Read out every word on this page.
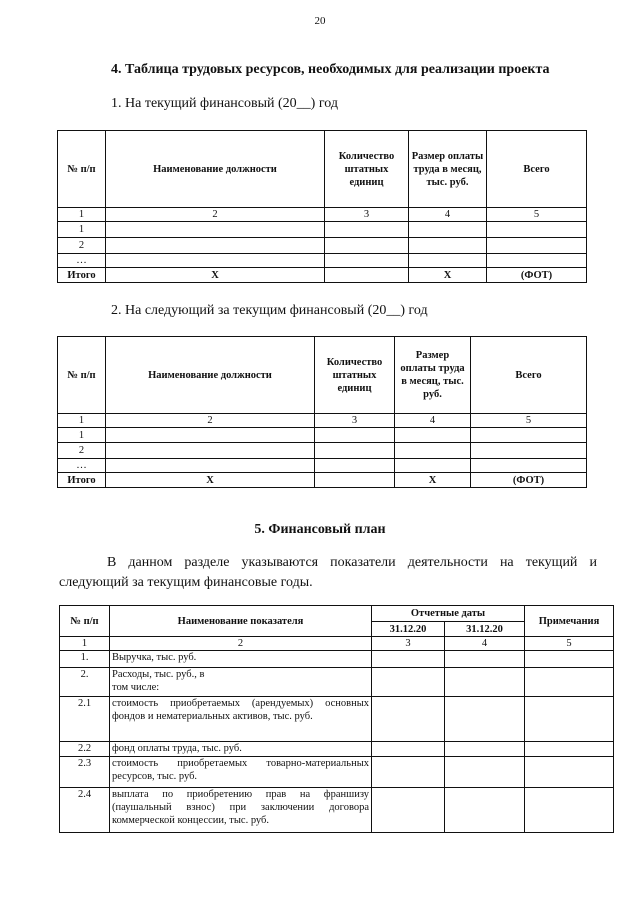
20
4. Таблица трудовых ресурсов, необходимых для реализации проекта
1. На текущий финансовый (20__) год
№ п/п	Наименование должности	Количество штатных единиц	Размер оплаты труда в месяц, тыс. руб.	Всего
1	2	3	4	5
1				
2				
…				
Итого	X		X	(ФОТ)
2. На следующий за текущим финансовый (20__) год
№ п/п	Наименование должности	Количество штатных единиц	Размер оплаты труда в месяц, тыс. руб.	Всего
1	2	3	4	5
1				
2				
…				
Итого	X		X	(ФОТ)
5. Финансовый план
В данном разделе указываются показатели деятельности на текущий и следующий за текущим финансовые годы.
№ п/п	Наименование показателя	Отчетные даты		Примечания
		31.12.20	31.12.20	
1	2	3	4	5
1.	Выручка, тыс. руб.			
2.	Расходы, тыс. руб., в том числе:			
2.1	стоимость приобретаемых (арендуемых) основных фондов и нематериальных активов, тыс. руб.			
2.2	фонд оплаты труда, тыс. руб.			
2.3	стоимость приобретаемых товарно-материальных ресурсов, тыс. руб.			
2.4	выплата по приобретению прав на франшизу (паушальный взнос) при заключении договора коммерческой концессии, тыс. руб.			
